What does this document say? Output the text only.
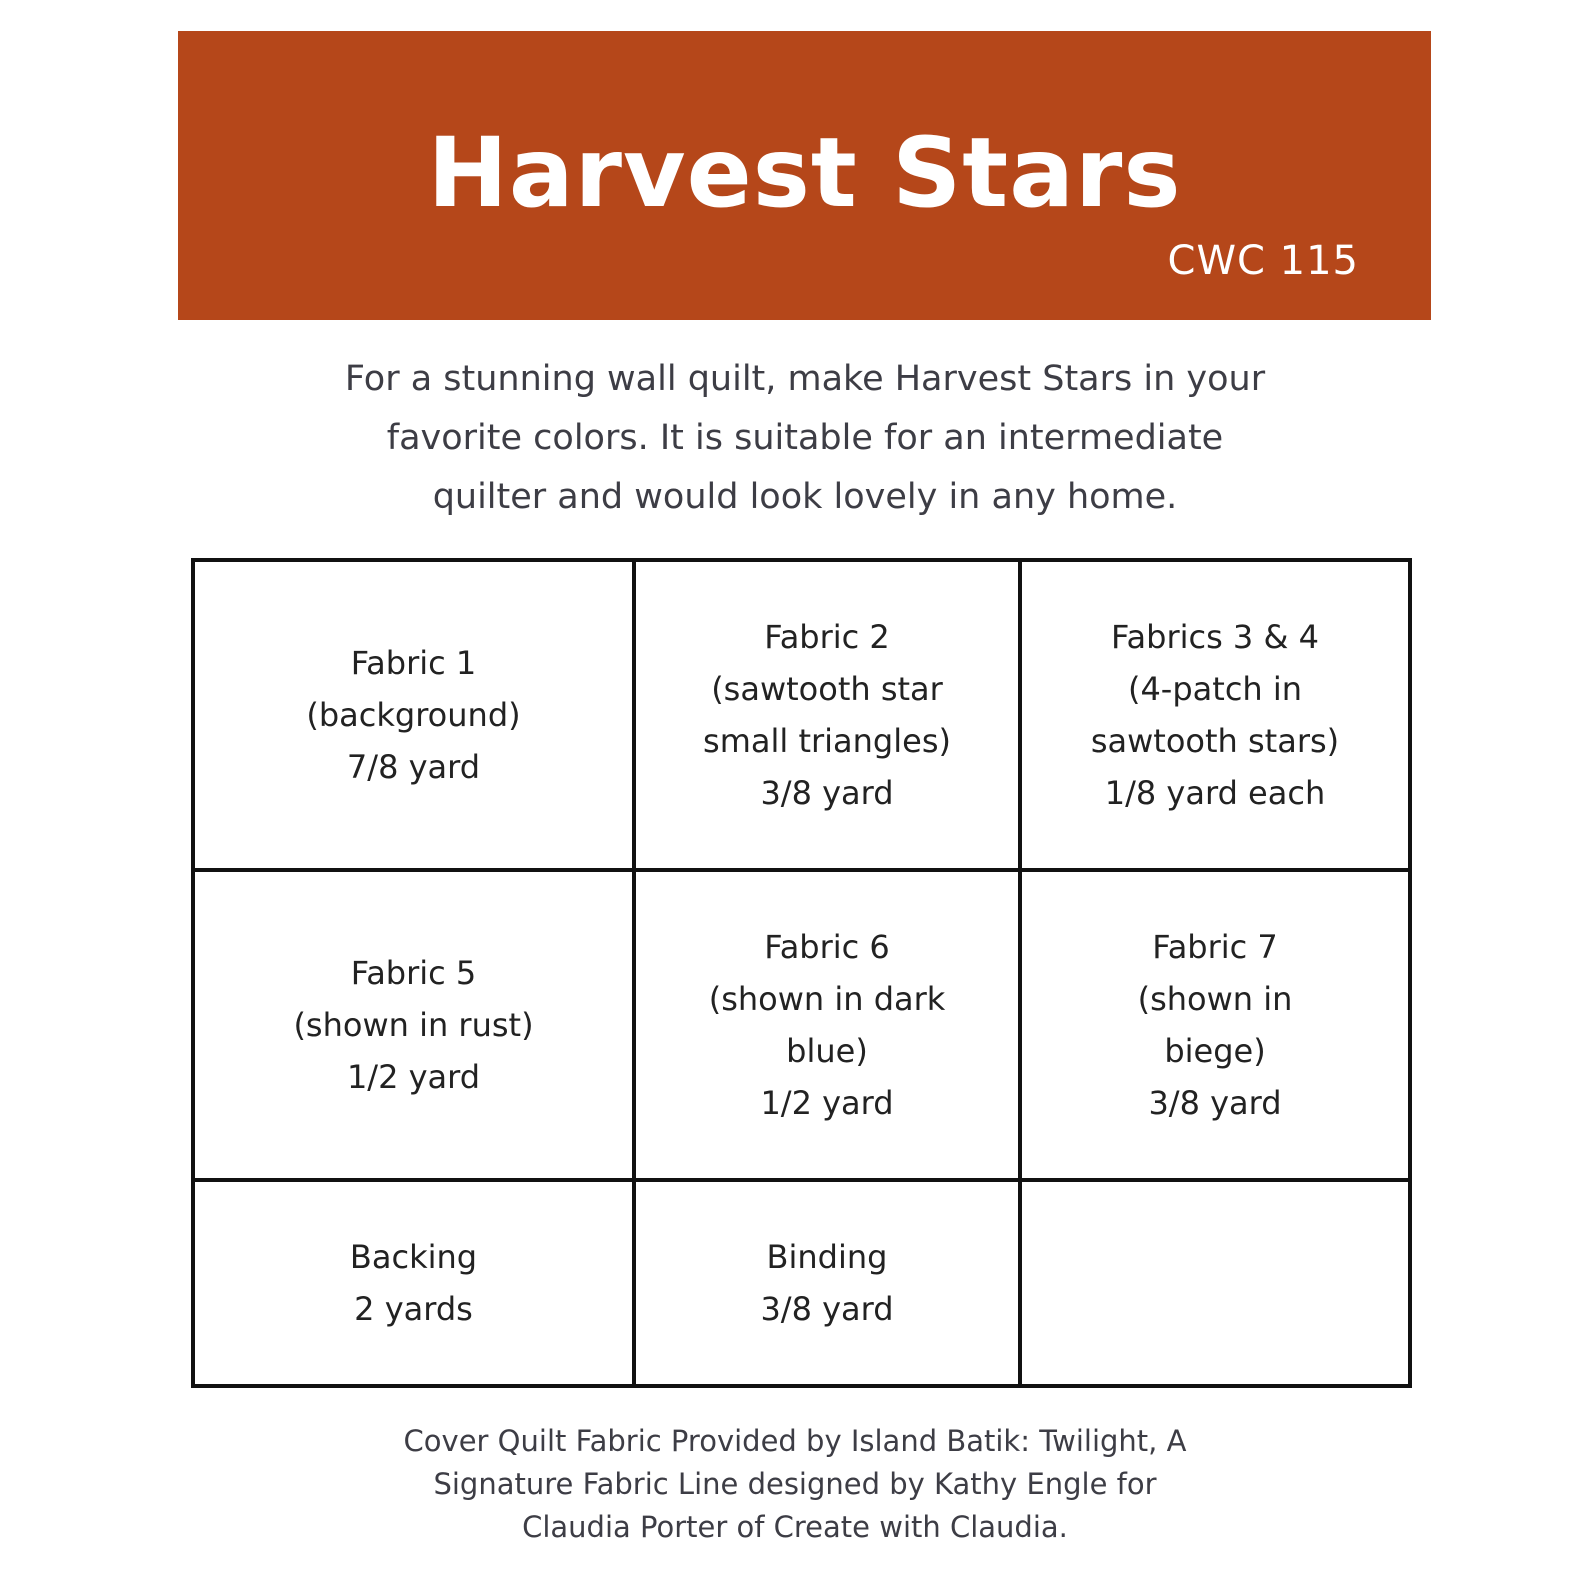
Harvest Stars
CWC 115
For a stunning wall quilt, make Harvest Stars in your
favorite colors. It is suitable for an intermediate
quilter and would look lovely in any home.
Fabric 1
(background)
7/8 yard
Fabric 2
(sawtooth star
small triangles)
3/8 yard
Fabrics 3 & 4
(4-patch in
sawtooth stars)
1/8 yard each
Fabric 5
(shown in rust)
1/2 yard
Fabric 6
(shown in dark
blue)
1/2 yard
Fabric 7
(shown in
biege)
3/8 yard
Backing
2 yards
Binding
3/8 yard
Cover Quilt Fabric Provided by Island Batik: Twilight, A
Signature Fabric Line designed by Kathy Engle for
Claudia Porter of Create with Claudia.
